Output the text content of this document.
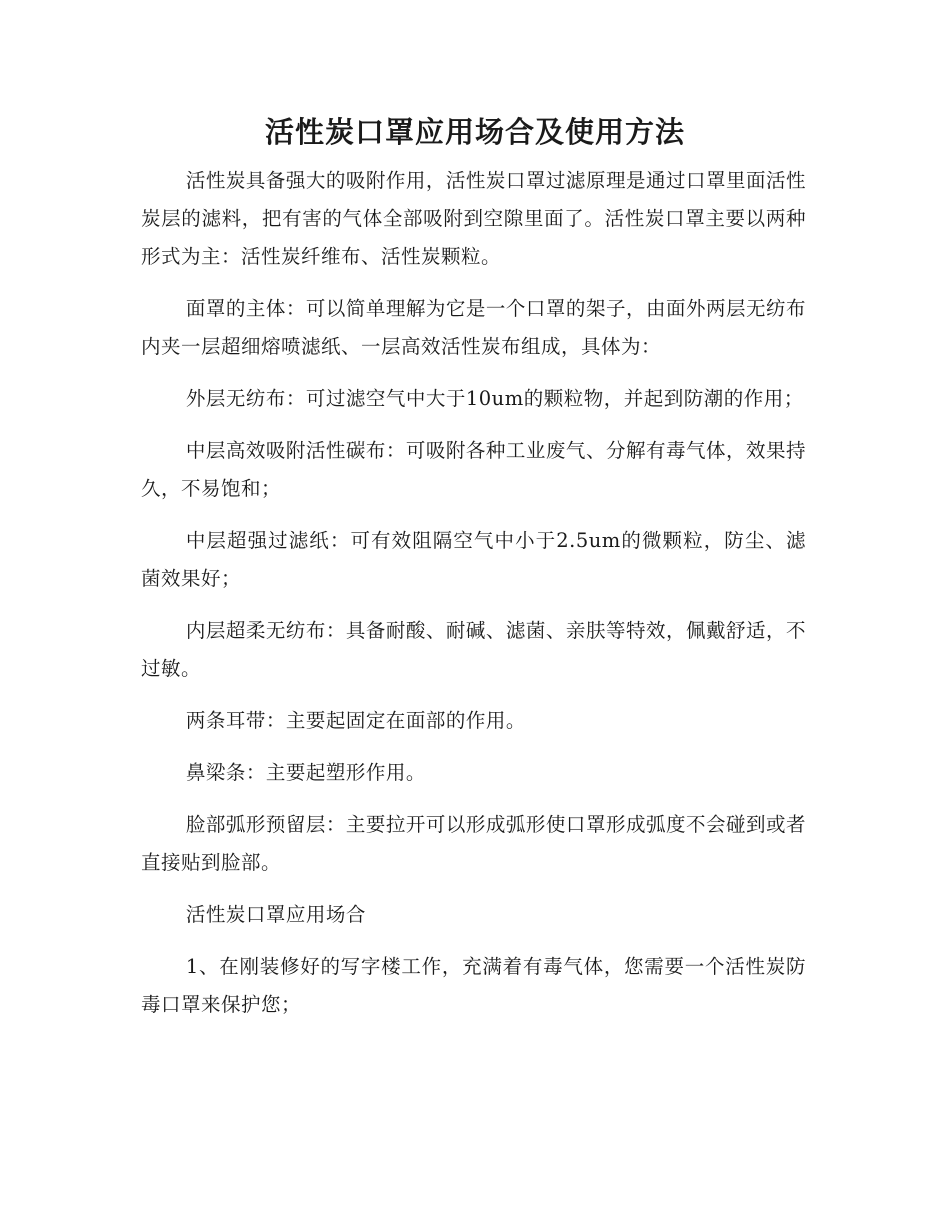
活性炭口罩应用场合及使用方法

活性炭具备强大的吸附作用，活性炭口罩过滤原理是通过口罩里面活性炭层的滤料，把有害的气体全部吸附到空隙里面了。活性炭口罩主要以两种形式为主：活性炭纤维布、活性炭颗粒。

面罩的主体：可以简单理解为它是一个口罩的架子，由面外两层无纺布内夹一层超细熔喷滤纸、一层高效活性炭布组成，具体为：

外层无纺布：可过滤空气中大于10um的颗粒物，并起到防潮的作用；

中层高效吸附活性碳布：可吸附各种工业废气、分解有毒气体，效果持久，不易饱和；

中层超强过滤纸：可有效阻隔空气中小于2.5um的微颗粒，防尘、滤菌效果好；

内层超柔无纺布：具备耐酸、耐碱、滤菌、亲肤等特效，佩戴舒适，不过敏。

两条耳带：主要起固定在面部的作用。

鼻梁条：主要起塑形作用。

脸部弧形预留层：主要拉开可以形成弧形使口罩形成弧度不会碰到或者直接贴到脸部。

活性炭口罩应用场合

1、在刚装修好的写字楼工作，充满着有毒气体，您需要一个活性炭防毒口罩来保护您；
